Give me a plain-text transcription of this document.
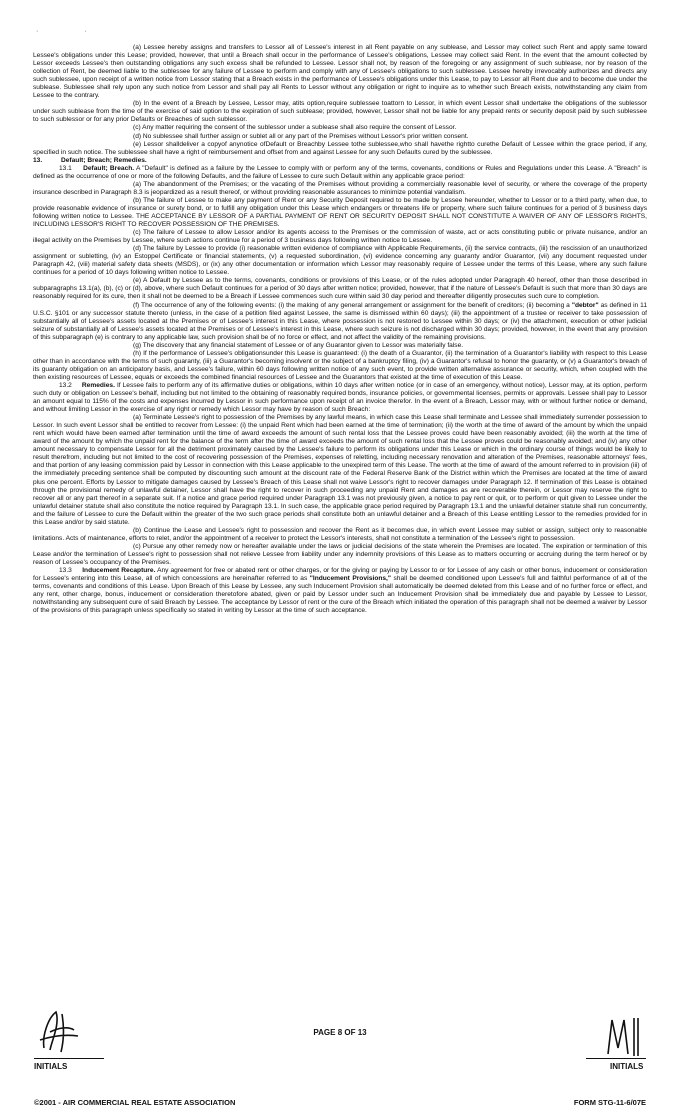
· ·

(a) Lessee hereby assigns and transfers to Lessor all of Lessee's interest in all Rent payable on any sublease, and Lessor may collect such Rent and apply same toward Lessee's obligations under this Lease; provided, however, that until a Breach shall occur in the performance of Lessee's obligations, Lessee may collect said Rent. In the event that the amount collected by Lessor exceeds Lessee's then outstanding obligations any such excess shall be refunded to Lessee. Lessor shall not, by reason of the foregoing or any assignment of such sublease, nor by reason of the collection of Rent, be deemed liable to the sublessee for any failure of Lessee to perform and comply with any of Lessee's obligations to such sublessee. Lessee hereby irrevocably authorizes and directs any such sublessee, upon receipt of a written notice from Lessor stating that a Breach exists in the performance of Lessee's obligations under this Lease, to pay to Lessor all Rent due and to become due under the sublease. Sublessee shall rely upon any such notice from Lessor and shall pay all Rents to Lessor without any obligation or right to inquire as to whether such Breach exists, notwithstanding any claim from Lessee to the contrary.

(b) In the event of a Breach by Lessee, Lessor may, atits option,require sublessee toattorn to Lessor, in which event Lessor shall undertake the obligations of the sublessor under such sublease from the time of the exercise of said option to the expiration of such sublease; provided, however, Lessor shall not be liable for any prepaid rents or security deposit paid by such sublessee to such sublessor or for any prior Defaults or Breaches of such sublessor.

(c) Any matter requiring the consent of the sublessor under a sublease shall also require the consent of Lessor.

(d) No sublessee shall further assign or sublet all or any part of the Premises without Lessor's prior written consent.

(e) Lessor shalldeliver a copyof anynotice ofDefault or Breachby Lessee tothe sublessee,who shall havethe rightto curethe Default of Lessee within the grace period, if any, specified in such notice. The sublessee shall have a right of reimbursement and offset from and against Lessee for any such Defaults cured by the sublessee.

13.	Default; Breach; Remedies.

13.1 Default; Breach. A "Default" is defined as a failure by the Lessee to comply with or perform any of the terms, covenants, conditions or Rules and Regulations under this Lease. A "Breach" is defined as the occurrence of one or more of the following Defaults, and the failure of Lessee to cure such Default within any applicable grace period:

(a) The abandonment of the Premises; or the vacating of the Premises without providing a commercially reasonable level of security, or where the coverage of the property insurance described in Paragraph 8.3 is jeopardized as a result thereof, or without providing reasonable assurances to minimize potential vandalism.

(b) The failure of Lessee to make any payment of Rent or any Security Deposit required to be made by Lessee hereunder, whether to Lessor or to a third party, when due, to provide reasonable evidence of insurance or surety bond, or to fulfill any obligation under this Lease which endangers or threatens life or property, where such failure continues for a period of 3 business days following written notice to Lessee. THE ACCEPTANCE BY LESSOR OF A PARTIAL PAYMENT OF RENT OR SECURITY DEPOSIT SHALL NOT CONSTITUTE A WAIVER OF ANY OF LESSOR'S RIGHTS, INCLUDING LESSOR'S RIGHT TO RECOVER POSSESSION OF THE PREMISES.

(c) The failure of Lessee to allow Lessor and/or its agents access to the Premises or the commission of waste, act or acts constituting public or private nuisance, and/or an illegal activity on the Premises by Lessee, where such actions continue for a period of 3 business days following written notice to Lessee.

(d) The failure by Lessee to provide (i) reasonable written evidence of compliance with Applicable Requirements, (ii) the service contracts, (iii) the rescission of an unauthorized assignment or subletting, (iv) an Estoppel Certificate or financial statements, (v) a requested subordination, (vi) evidence concerning any guaranty and/or Guarantor, (vii) any document requested under Paragraph 42, (viii) material safety data sheets (MSDS), or (ix) any other documentation or information which Lessor may reasonably require of Lessee under the terms of this Lease, where any such failure continues for a period of 10 days following written notice to Lessee.

(e) A Default by Lessee as to the terms, covenants, conditions or provisions of this Lease, or of the rules adopted under Paragraph 40 hereof, other than those described in subparagraphs 13.1(a), (b), (c) or (d), above, where such Default continues for a period of 30 days after written notice; provided, however, that if the nature of Lessee's Default is such that more than 30 days are reasonably required for its cure, then it shall not be deemed to be a Breach if Lessee commences such cure within said 30 day period and thereafter diligently prosecutes such cure to completion.

(f) The occurrence of any of the following events: (i) the making of any general arrangement or assignment for the benefit of creditors; (ii) becoming a "debtor" as defined in 11 U.S.C. §101 or any successor statute thereto (unless, in the case of a petition filed against Lessee, the same is dismissed within 60 days); (iii) the appointment of a trustee or receiver to take possession of substantially all of Lessee's assets located at the Premises or of Lessee's interest in this Lease, where possession is not restored to Lessee within 30 days; or (iv) the attachment, execution or other judicial seizure of substantially all of Lessee's assets located at the Premises or of Lessee's interest in this Lease, where such seizure is not discharged within 30 days; provided, however, in the event that any provision of this subparagraph (e) is contrary to any applicable law, such provision shall be of no force or effect, and not affect the validity of the remaining provisions.

(g) The discovery that any financial statement of Lessee or of any Guarantor given to Lessor was materially false.

(h) If the performance of Lessee's obligationsunder this Lease is guaranteed: (i) the death of a Guarantor, (ii) the termination of a Guarantor's liability with respect to this Lease other than in accordance with the terms of such guaranty, (iii) a Guarantor's becoming insolvent or the subject of a bankruptcy filing, (iv) a Guarantor's refusal to honor the guaranty, or (v) a Guarantor's breach of its guaranty obligation on an anticipatory basis, and Lessee's failure, within 60 days following written notice of any such event, to provide written alternative assurance or security, which, when coupled with the then existing resources of Lessee, equals or exceeds the combined financial resources of Lessee and the Guarantors that existed at the time of execution of this Lease.

13.2 Remedies. If Lessee fails to perform any of its affirmative duties or obligations, within 10 days after written notice (or in case of an emergency, without notice), Lessor may, at its option, perform such duty or obligation on Lessee's behalf, including but not limited to the obtaining of reasonably required bonds, insurance policies, or governmental licenses, permits or approvals. Lessee shall pay to Lessor an amount equal to 115% of the costs and expenses incurred by Lessor in such performance upon receipt of an invoice therefor. In the event of a Breach, Lessor may, with or without further notice or demand, and without limiting Lessor in the exercise of any right or remedy which Lessor may have by reason of such Breach:

(a) Terminate Lessee's right to possession of the Premises by any lawful means, in which case this Lease shall terminate and Lessee shall immediately surrender possession to Lessor. In such event Lessor shall be entitled to recover from Lessee: (i) the unpaid Rent which had been earned at the time of termination; (ii) the worth at the time of award of the amount by which the unpaid rent which would have been earned after termination until the time of award exceeds the amount of such rental loss that the Lessee proves could have been reasonably avoided; (iii) the worth at the time of award of the amount by which the unpaid rent for the balance of the term after the time of award exceeds the amount of such rental loss that the Lessee proves could be reasonably avoided; and (iv) any other amount necessary to compensate Lessor for all the detriment proximately caused by the Lessee's failure to perform its obligations under this Lease or which in the ordinary course of things would be likely to result therefrom, including but not limited to the cost of recovering possession of the Premises, expenses of reletting, including necessary renovation and alteration of the Premises, reasonable attorneys' fees, and that portion of any leasing commission paid by Lessor in connection with this Lease applicable to the unexpired term of this Lease. The worth at the time of award of the amount referred to in provision (iii) of the immediately preceding sentence shall be computed by discounting such amount at the discount rate of the Federal Reserve Bank of the District within which the Premises are located at the time of award plus one percent. Efforts by Lessor to mitigate damages caused by Lessee's Breach of this Lease shall not waive Lessor's right to recover damages under Paragraph 12. If termination of this Lease is obtained through the provisional remedy of unlawful detainer, Lessor shall have the right to recover in such proceeding any unpaid Rent and damages as are recoverable therein, or Lessor may reserve the right to recover all or any part thereof in a separate suit. If a notice and grace period required under Paragraph 13.1 was not previously given, a notice to pay rent or quit, or to perform or quit given to Lessee under the unlawful detainer statute shall also constitute the notice required by Paragraph 13.1. In such case, the applicable grace period required by Paragraph 13.1 and the unlawful detainer statute shall run concurrently, and the failure of Lessee to cure the Default within the greater of the two such grace periods shall constitute both an unlawful detainer and a Breach of this Lease entitling Lessor to the remedies provided for in this Lease and/or by said statute.

(b) Continue the Lease and Lessee's right to possession and recover the Rent as it becomes due, in which event Lessee may sublet or assign, subject only to reasonable limitations. Acts of maintenance, efforts to relet, and/or the appointment of a receiver to protect the Lessor's interests, shall not constitute a termination of the Lessee's right to possession.

(c) Pursue any other remedy now or hereafter available under the laws or judicial decisions of the state wherein the Premises are located. The expiration or termination of this Lease and/or the termination of Lessee's right to possession shall not relieve Lessee from liability under any indemnity provisions of this Lease as to matters occurring or accruing during the term hereof or by reason of Lessee's occupancy of the Premises.

13.3 Inducement Recapture. Any agreement for free or abated rent or other charges, or for the giving or paying by Lessor to or for Lessee of any cash or other bonus, inducement or consideration for Lessee's entering into this Lease, all of which concessions are hereinafter referred to as "Inducement Provisions," shall be deemed conditioned upon Lessee's full and faithful performance of all of the terms, covenants and conditions of this Lease. Upon Breach of this Lease by Lessee, any such Inducement Provision shall automatically be deemed deleted from this Lease and of no further force or effect, and any rent, other charge, bonus, inducement or consideration theretofore abated, given or paid by Lessor under such an Inducement Provision shall be immediately due and payable by Lessee to Lessor, notwithstanding any subsequent cure of said Breach by Lessee. The acceptance by Lessor of rent or the cure of the Breach which initiated the operation of this paragraph shall not be deemed a waiver by Lessor of the provisions of this paragraph unless specifically so stated in writing by Lessor at the time of such acceptance.

INITIALS	INITIALS
PAGE 8 OF 13
©2001 - AIR COMMERCIAL REAL ESTATE ASSOCIATION	FORM STG-11-6/07E
